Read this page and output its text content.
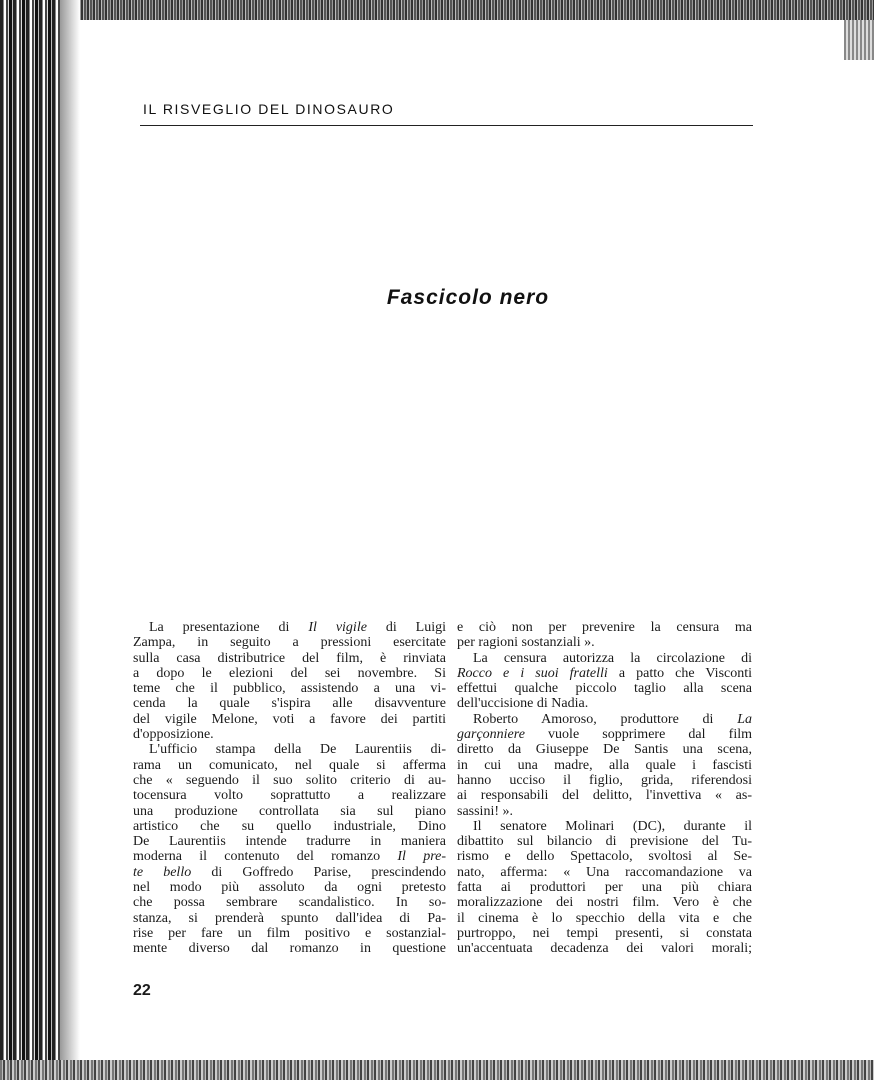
IL RISVEGLIO DEL DINOSAURO
Fascicolo nero
La presentazione di Il vigile di Luigi
Zampa, in seguito a pressioni esercitate
sulla casa distributrice del film, è rinviata
a dopo le elezioni del sei novembre. Si
teme che il pubblico, assistendo a una vi-
cenda la quale s'ispira alle disavventure
del vigile Melone, voti a favore dei partiti
d'opposizione.
L'ufficio stampa della De Laurentiis di-
rama un comunicato, nel quale si afferma
che « seguendo il suo solito criterio di au-
tocensura volto soprattutto a realizzare
una produzione controllata sia sul piano
artistico che su quello industriale, Dino
De Laurentiis intende tradurre in maniera
moderna il contenuto del romanzo Il pre-
te bello di Goffredo Parise, prescindendo
nel modo più assoluto da ogni pretesto
che possa sembrare scandalistico. In so-
stanza, si prenderà spunto dall'idea di Pa-
rise per fare un film positivo e sostanzial-
mente diverso dal romanzo in questione
e ciò non per prevenire la censura ma
per ragioni sostanziali ».
La censura autorizza la circolazione di
Rocco e i suoi fratelli a patto che Visconti
effettui qualche piccolo taglio alla scena
dell'uccisione di Nadia.
Roberto Amoroso, produttore di La
garçonniere vuole sopprimere dal film
diretto da Giuseppe De Santis una scena,
in cui una madre, alla quale i fascisti
hanno ucciso il figlio, grida, riferendosi
ai responsabili del delitto, l'invettiva « as-
sassini! ».
Il senatore Molinari (DC), durante il
dibattito sul bilancio di previsione del Tu-
rismo e dello Spettacolo, svoltosi al Se-
nato, afferma: « Una raccomandazione va
fatta ai produttori per una più chiara
moralizzazione dei nostri film. Vero è che
il cinema è lo specchio della vita e che
purtroppo, nei tempi presenti, si constata
un'accentuata decadenza dei valori morali;
22
